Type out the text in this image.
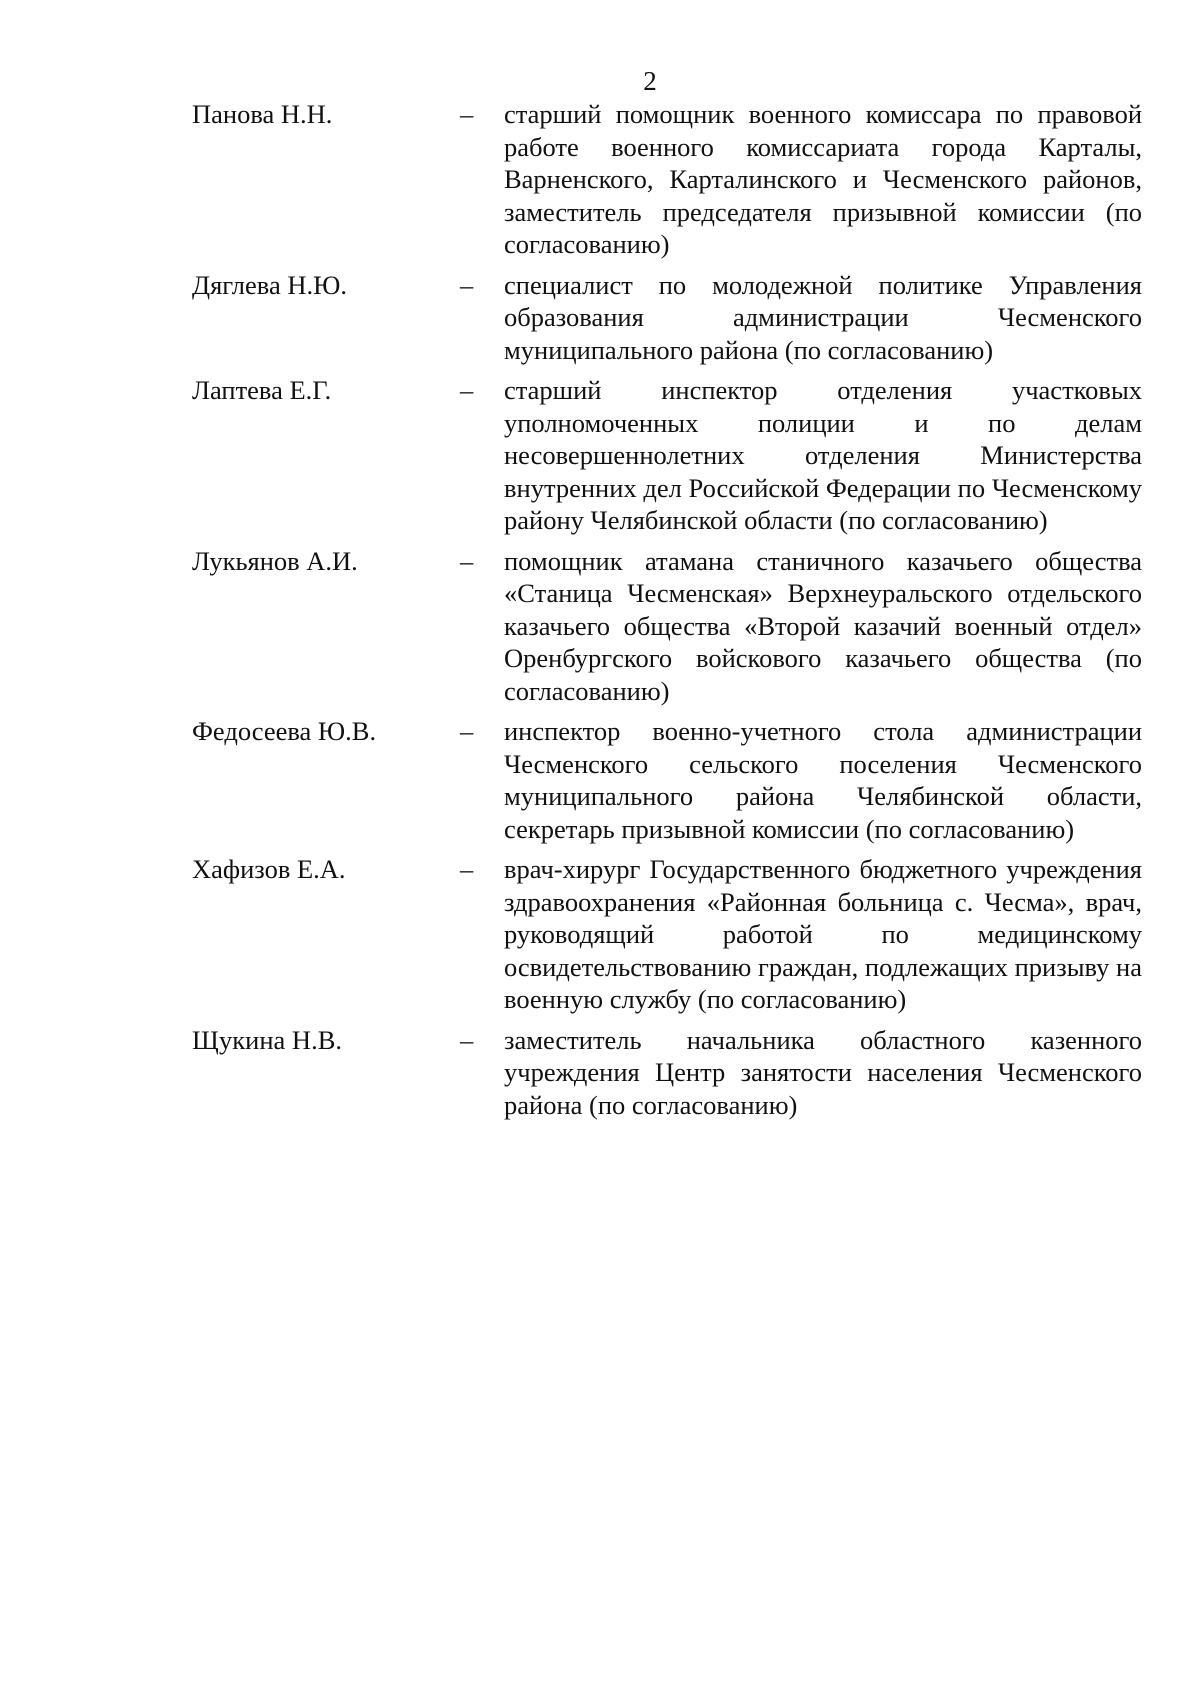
2
Панова Н.Н.	– старший помощник военного комиссара по правовой работе военного комиссариата города Карталы, Варненского, Карталинского и Чесменского районов, заместитель председателя призывной комиссии (по согласованию)
Дяглева Н.Ю.	– специалист по молодежной политике Управления образования администрации Чесменского муниципального района (по согласованию)
Лаптева Е.Г.	– старший инспектор отделения участковых уполномоченных полиции и по делам несовершеннолетних отделения Министерства внутренних дел Российской Федерации по Чесменскому району Челябинской области (по согласованию)
Лукьянов А.И.	– помощник атамана станичного казачьего общества «Станица Чесменская» Верхнеуральского отдельского казачьего общества «Второй казачий военный отдел» Оренбургского войскового казачьего общества (по согласованию)
Федосеева Ю.В.	– инспектор военно-учетного стола администрации Чесменского сельского поселения Чесменского муниципального района Челябинской области, секретарь призывной комиссии (по согласованию)
Хафизов Е.А.	– врач-хирург Государственного бюджетного учреждения здравоохранения «Районная больница с. Чесма», врач, руководящий работой по медицинскому освидетельствованию граждан, подлежащих призыву на военную службу (по согласованию)
Щукина Н.В.	– заместитель начальника областного казенного учреждения Центр занятости населения Чесменского района (по согласованию)
